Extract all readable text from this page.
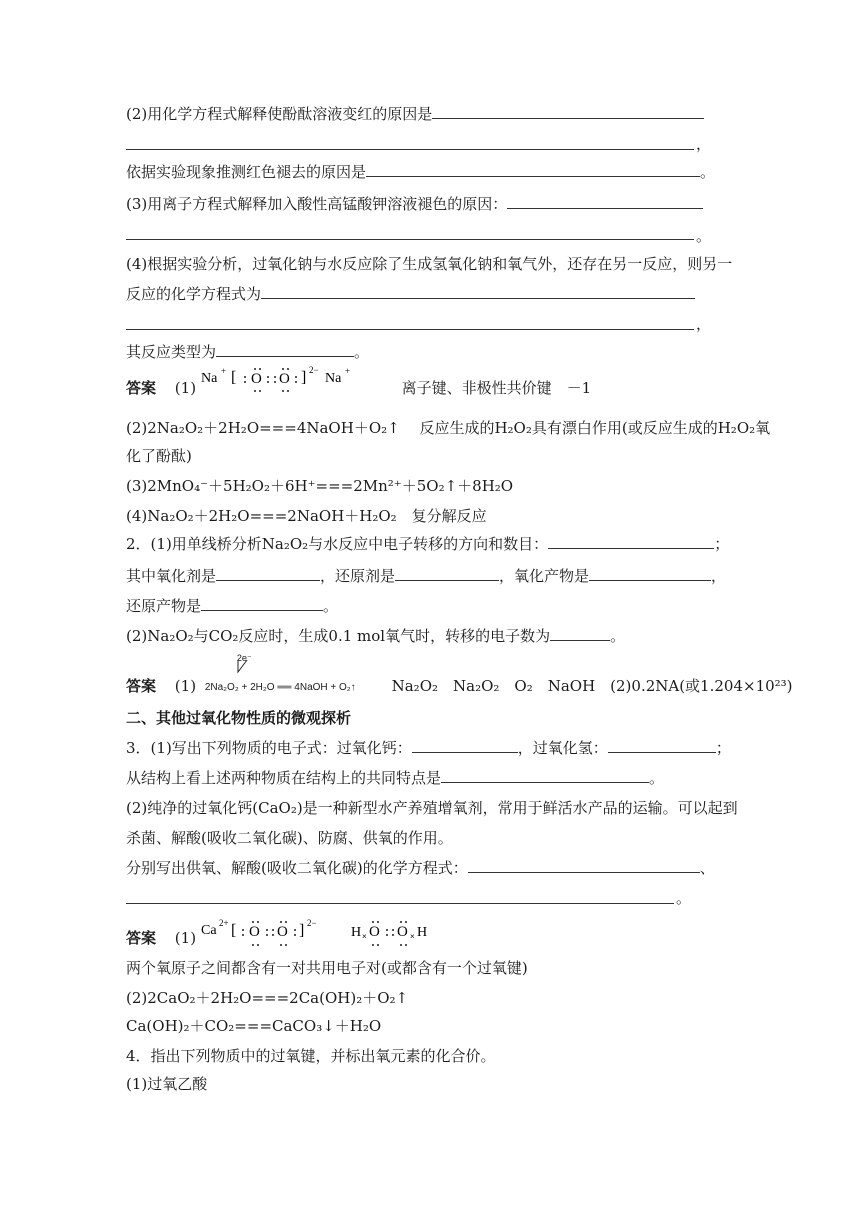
(2)用化学方程式解释使酚酞溶液变红的原因是
，
依据实验现象推测红色褪去的原因是	。
(3)用离子方程式解释加入酸性高锰酸钾溶液褪色的原因：
。
(4)根据实验分析，过氧化钠与水反应除了生成氢氧化钠和氧气外，还存在另一反应，则另一
反应的化学方程式为
，
其反应类型为	。
答案 (1)
Na + [ O O ] 2−
Na +
离子键、非极性共价键　－1
(2)2Na₂O₂＋2H₂O===4NaOH＋O₂↑　 反应生成的H₂O₂具有漂白作用(或反应生成的H₂O₂氧
化了酚酞)
(3)2MnO₄⁻＋5H₂O₂＋6H⁺===2Mn²⁺＋5O₂↑＋8H₂O
(4)Na₂O₂＋2H₂O===2NaOH＋H₂O₂　复分解反应
2．(1)用单线桥分析Na₂O₂与水反应中电子转移的方向和数目：	；
其中氧化剂是	，还原剂是	，氧化产物是	，
还原产物是	。
(2)Na₂O₂与CO₂反应时，生成0.1 mol氧气时，转移的电子数为	。
答案 (1)
2e⁻
2Na₂O₂ + 2H₂O ══ 4NaOH + O₂↑ Na₂O₂　Na₂O₂　O₂　NaOH　(2)0.2NA(或1.204×10²³)
二、其他过氧化物性质的微观探析
3．(1)写出下列物质的电子式：过氧化钙：	，过氧化氢：	；
从结构上看上述两种物质在结构上的共同特点是	。
(2)纯净的过氧化钙(CaO₂)是一种新型水产养殖增氧剂，常用于鲜活水产品的运输。可以起到
杀菌、解酸(吸收二氧化碳)、防腐、供氧的作用。
分别写出供氧、解酸(吸收二氧化碳)的化学方程式：	、
。
答案 (1) Ca 2+ [ O O ] 2−
H × O O × H
两个氧原子之间都含有一对共用电子对(或都含有一个过氧键)
(2)2CaO₂＋2H₂O===2Ca(OH)₂＋O₂↑
Ca(OH)₂＋CO₂===CaCO₃↓＋H₂O
4．指出下列物质中的过氧键，并标出氧元素的化合价。
(1)过氧乙酸
